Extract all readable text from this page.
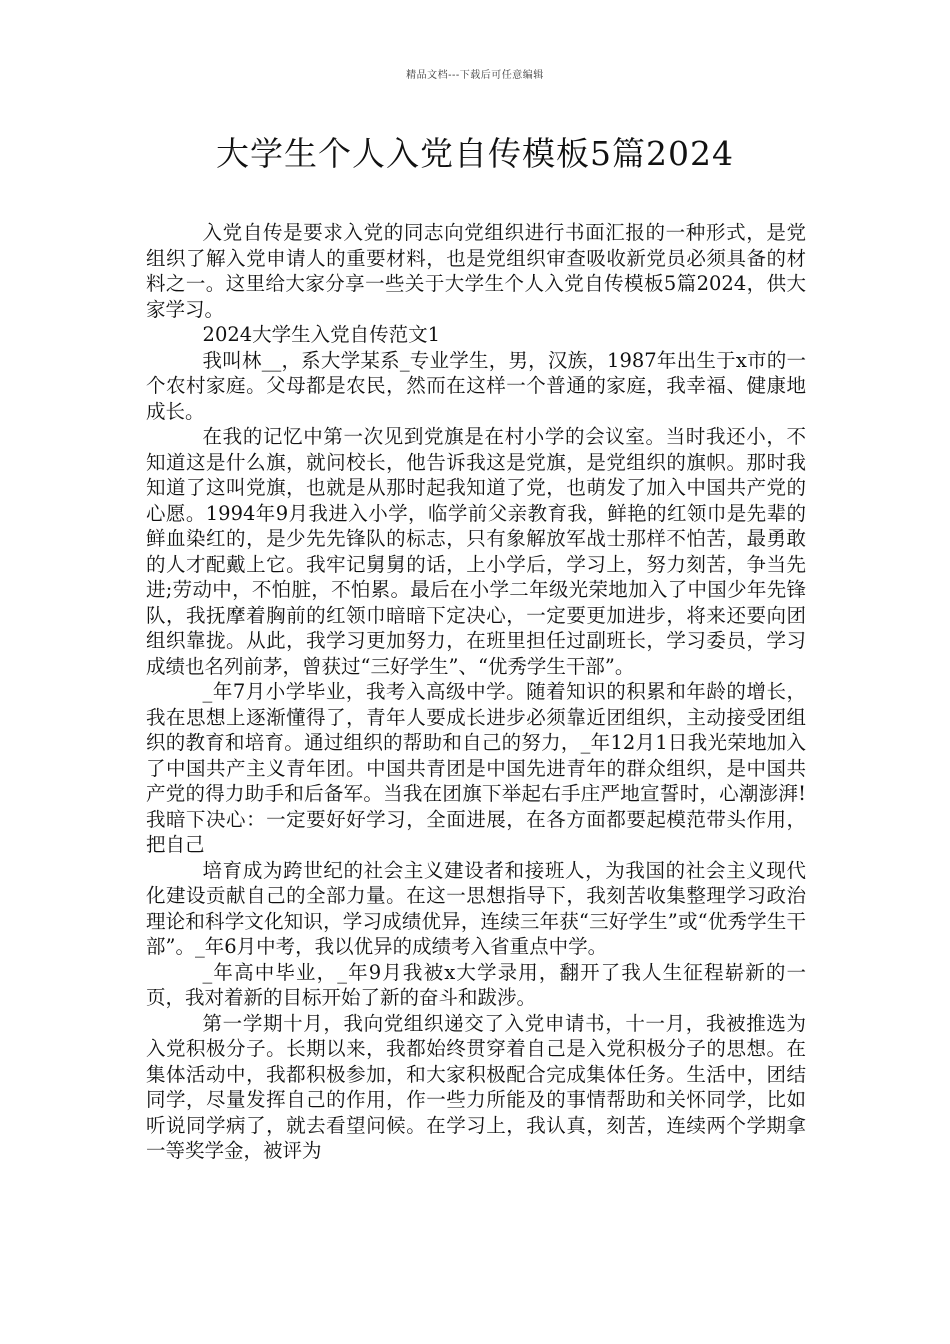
精品文档---下载后可任意编辑
大学生个人入党自传模板5篇2024

入党自传是要求入党的同志向党组织进行书面汇报的一种形式，是党组织了解入党申请人的重要材料，也是党组织审查吸收新党员必须具备的材料之一。这里给大家分享一些关于大学生个人入党自传模板5篇2024，供大家学习。

2024大学生入党自传范文1

我叫林__，系大学某系_专业学生，男，汉族，1987年出生于x市的一个农村家庭。父母都是农民，然而在这样一个普通的家庭，我幸福、健康地成长。

在我的记忆中第一次见到党旗是在村小学的会议室。当时我还小，不知道这是什么旗，就问校长，他告诉我这是党旗，是党组织的旗帜。那时我知道了这叫党旗，也就是从那时起我知道了党，也萌发了加入中国共产党的心愿。1994年9月我进入小学，临学前父亲教育我，鲜艳的红领巾是先辈的鲜血染红的，是少先先锋队的标志，只有象解放军战士那样不怕苦，最勇敢的人才配戴上它。我牢记舅舅的话，上小学后，学习上，努力刻苦，争当先进;劳动中，不怕脏，不怕累。最后在小学二年级光荣地加入了中国少年先锋队，我抚摩着胸前的红领巾暗暗下定决心，一定要更加进步，将来还要向团组织靠拢。从此，我学习更加努力，在班里担任过副班长，学习委员，学习成绩也名列前茅，曾获过“三好学生”、“优秀学生干部”。

_年7月小学毕业，我考入高级中学。随着知识的积累和年龄的增长，我在思想上逐渐懂得了，青年人要成长进步必须靠近团组织，主动接受团组织的教育和培育。通过组织的帮助和自己的努力，_年12月1日我光荣地加入了中国共产主义青年团。中国共青团是中国先进青年的群众组织，是中国共产党的得力助手和后备军。当我在团旗下举起右手庄严地宣誓时，心潮澎湃!我暗下决心：一定要好好学习，全面进展，在各方面都要起模范带头作用，把自己

培育成为跨世纪的社会主义建设者和接班人，为我国的社会主义现代化建设贡献自己的全部力量。在这一思想指导下，我刻苦收集整理学习政治理论和科学文化知识，学习成绩优异，连续三年获“三好学生”或“优秀学生干部”。_年6月中考，我以优异的成绩考入省重点中学。

_年高中毕业，_年9月我被x大学录用，翻开了我人生征程崭新的一页，我对着新的目标开始了新的奋斗和跋涉。

第一学期十月，我向党组织递交了入党申请书，十一月，我被推选为入党积极分子。长期以来，我都始终贯穿着自己是入党积极分子的思想。在集体活动中，我都积极参加，和大家积极配合完成集体任务。生活中，团结同学，尽量发挥自己的作用，作一些力所能及的事情帮助和关怀同学，比如听说同学病了，就去看望问候。在学习上，我认真，刻苦，连续两个学期拿一等奖学金，被评为
